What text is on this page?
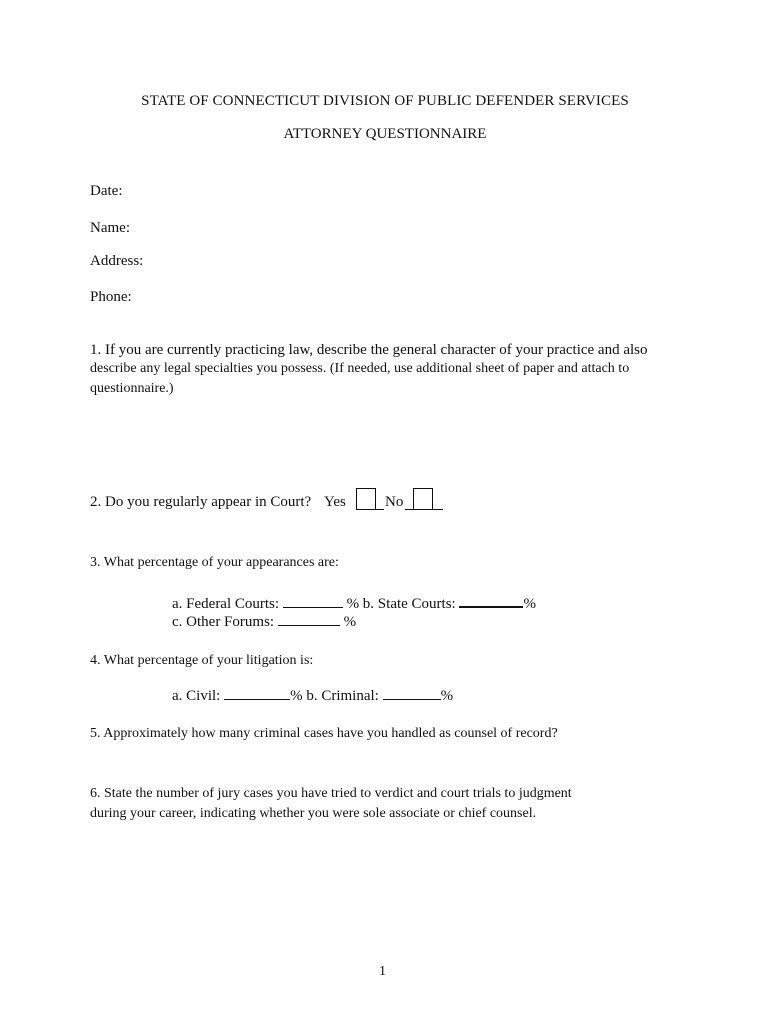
STATE OF CONNECTICUT DIVISION OF PUBLIC DEFENDER SERVICES
ATTORNEY QUESTIONNAIRE
Date:
Name:
Address:
Phone:
1. If you are currently practicing law, describe the general character of your practice and also
describe any legal specialties you possess. (If needed, use additional sheet of paper and attach to
questionnaire.)
2. Do you regularly appear in Court? Yes	No
3. What percentage of your appearances are:
a. Federal Courts:	% b. State Courts:	%
c. Other Forums:	%
4. What percentage of your litigation is:
a. Civil:	% b. Criminal:	%
5. Approximately how many criminal cases have you handled as counsel of record?
6. State the number of jury cases you have tried to verdict and court trials to judgment
during your career, indicating whether you were sole associate or chief counsel.
1
